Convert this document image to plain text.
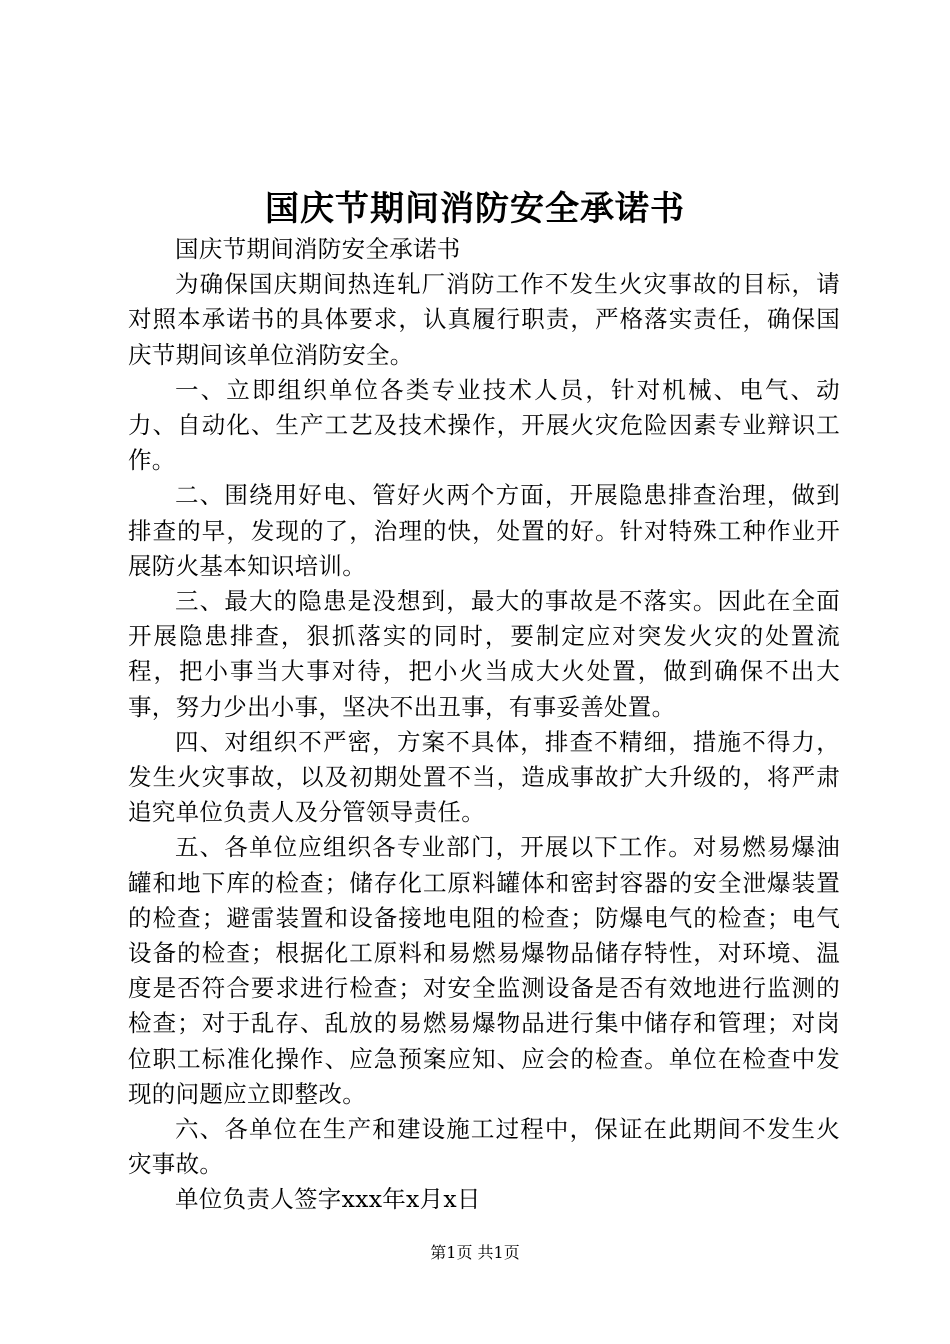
国庆节期间消防安全承诺书

国庆节期间消防安全承诺书

为确保国庆期间热连轧厂消防工作不发生火灾事故的目标，请对照本承诺书的具体要求，认真履行职责，严格落实责任，确保国庆节期间该单位消防安全。

一、立即组织单位各类专业技术人员，针对机械、电气、动力、自动化、生产工艺及技术操作，开展火灾危险因素专业辩识工作。

二、围绕用好电、管好火两个方面，开展隐患排查治理，做到排查的早，发现的了，治理的快，处置的好。针对特殊工种作业开展防火基本知识培训。

三、最大的隐患是没想到，最大的事故是不落实。因此在全面开展隐患排查，狠抓落实的同时，要制定应对突发火灾的处置流程，把小事当大事对待，把小火当成大火处置，做到确保不出大事，努力少出小事，坚决不出丑事，有事妥善处置。

四、对组织不严密，方案不具体，排查不精细，措施不得力，发生火灾事故，以及初期处置不当，造成事故扩大升级的，将严肃追究单位负责人及分管领导责任。

五、各单位应组织各专业部门，开展以下工作。对易燃易爆油罐和地下库的检查；储存化工原料罐体和密封容器的安全泄爆装置的检查；避雷装置和设备接地电阻的检查；防爆电气的检查；电气设备的检查；根据化工原料和易燃易爆物品储存特性，对环境、温度是否符合要求进行检查；对安全监测设备是否有效地进行监测的检查；对于乱存、乱放的易燃易爆物品进行集中储存和管理；对岗位职工标准化操作、应急预案应知、应会的检查。单位在检查中发现的问题应立即整改。

六、各单位在生产和建设施工过程中，保证在此期间不发生火灾事故。

单位负责人签字xxx年x月x日

第1页 共1页
